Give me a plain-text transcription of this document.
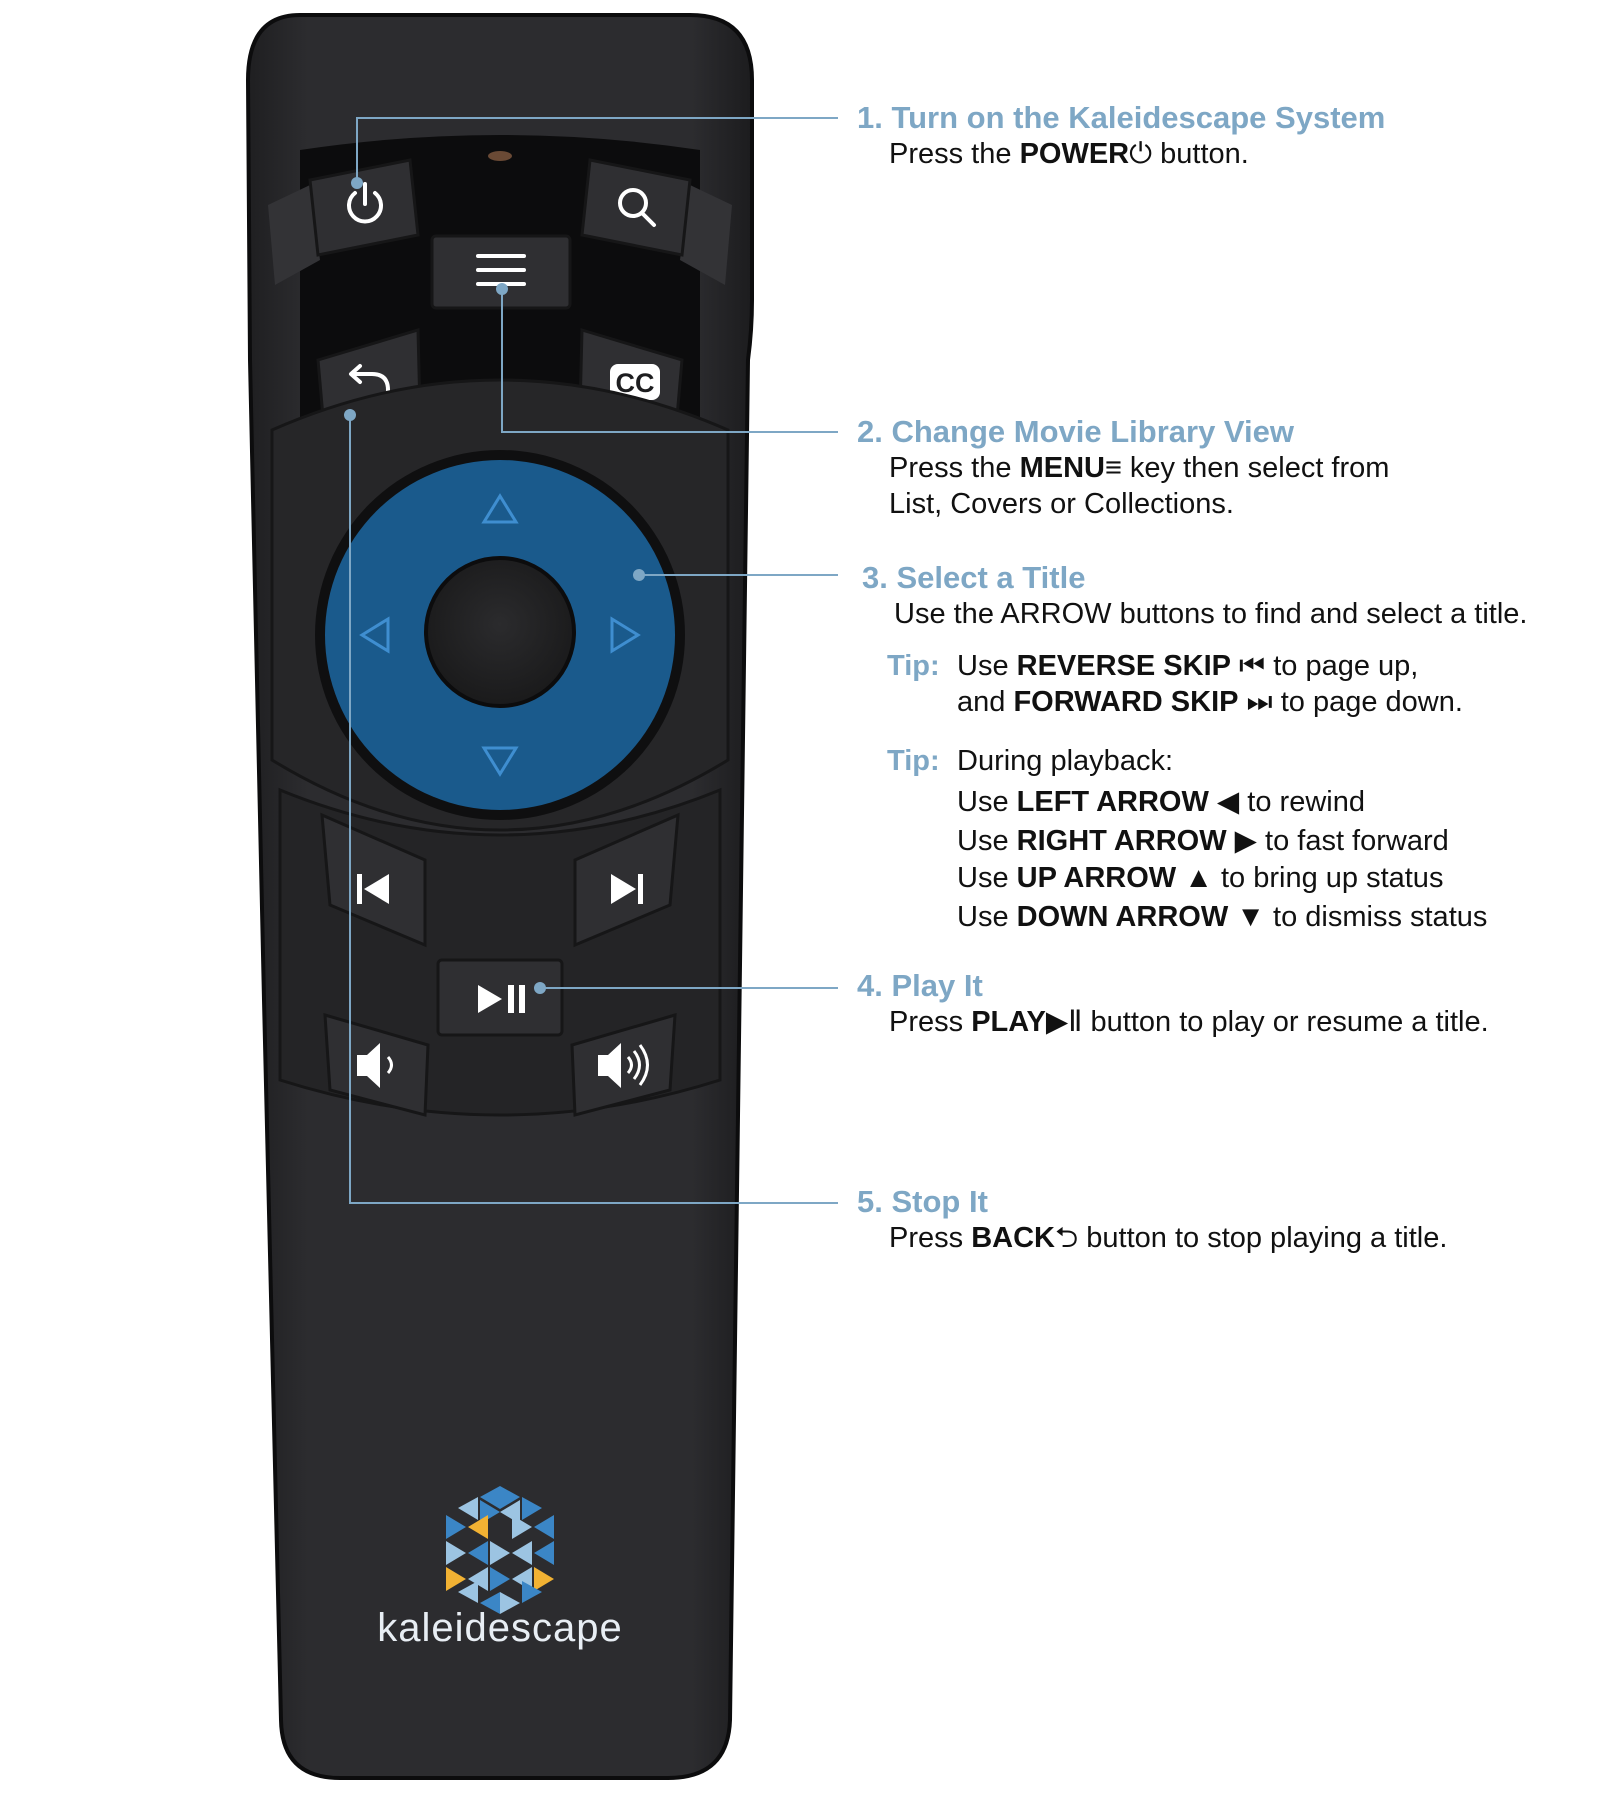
CC
kaleidescape
1. Turn on the Kaleidescape System
Press the POWER⏻ button.
2. Change Movie Library View
Press the MENU≡ key then select from
List, Covers or Collections.
3. Select a Title
Use the ARROW buttons to find and select a title.
Tip: Use REVERSE SKIP ⏮ to page up,
and FORWARD SKIP ⏭ to page down.
Tip: During playback:
Use LEFT ARROW ◀ to rewind
Use RIGHT ARROW ▶ to fast forward
Use UP ARROW ▲ to bring up status
Use DOWN ARROW ▼ to dismiss status
4. Play It
Press PLAY▶Ⅱ button to play or resume a title.
5. Stop It
Press BACK⮌ button to stop playing a title.
